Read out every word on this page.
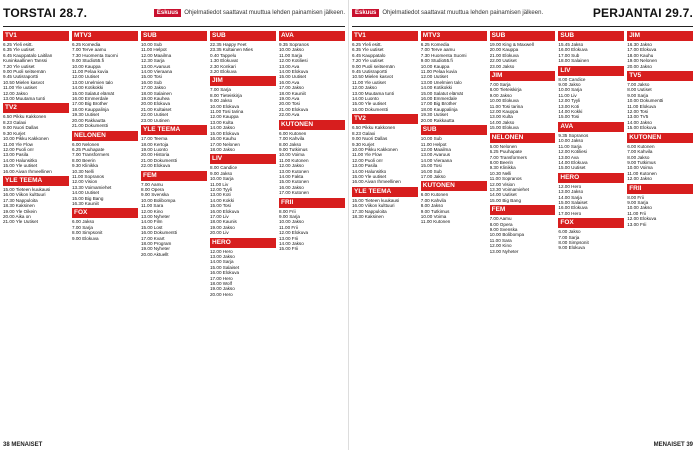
TORSTAI 28.7.	Eskuus	Ohjelmatiedot saattavat muuttua lehden painamisen jälkeen.
TV1
6.25 Yleli esitt.
6.35 Yle uutiset
6.45 Kauppatalo Laitilan
Kuninkaallinen Tanssi
7.20 Yle uutiset
9.00 Puoli seitsemän
9.45 Uutisraportti
10.50 Mielen kasvot
11.00 Yle uutiset
12.00 Jakso
13.00 Muutama tunti
TV2
6.50 Pikku Kakkonen
8.23 Galaxi
9.00 Nuori Dallas
9.30 Kurjet
10.00 Pikku Kakkonen
11.00 Yle Flow
12.00 Puoli on!
13.00 Pasila
14.00 Halunsitko
15.00 Yle uutiset
16.00 Aivan Ihmeellinen
YLE TEEMA
15.00 Tieteen kuukausi
16.00 Viikon kulttuuri
17.30 Nappuloita
18.30 Kaksinen
19.00 Yle Oikein
20.00 Aika on
21.00 Yle Uutiset
MTV3
6.25 Komedia
7.00 Terve aamu
7.30 Huomenta Suomi
9.00 Studio55.fi
10.00 Kauppa
11.00 Pelaa kuvia
12.00 Uutiset
13.00 Unelmien talo
14.00 Kotikokki
15.00 Salatut elämät
16.00 Emmerdale
17.00 Big Brother
18.00 Kauppalinja
19.30 Uutiset
20.00 Rakkautta
21.00 Dokumentti
NELONEN
6.00 Nelonen
6.25 Puuhapate
7.00 Transformers
8.00 Beerin
9.30 Klinikka
10.30 Nelli
11.00 Sopranos
12.00 Vision
13.30 Voimamiehet
14.00 Uutiset
15.00 Big Bang
16.30 Kauniit
FOX
6.00 Jakso
7.00 Sarja
8.00 Simpsonit
9.00 Elokuva
SUB
10.00 Sub
11.00 Helpot
12.00 Maailma
12.30 Sarja
13.00 Avaruus
14.00 Vieraana
15.00 Tosi
16.00 Sub
17.00 Jakso
18.00 Salainen
19.00 Kauhea
20.00 Elokuva
21.00 Kultaiset
22.00 Uutiset
23.00 Uutinen
YLE TEEMA
17.00 Teema
18.00 Kertoja
19.00 Luonto
20.00 Historia
21.00 Dokumentti
22.00 Elokuva
FEM
7.00 Aamu
8.00 Opera
9.00 Svenska
10.00 Bolibompa
11.00 Sara
12.00 Kino
13.00 Nyheter
14.00 Film
15.00 Lost
16.00 Dokumentti
17.00 Kvart
18.00 Program
19.00 Nyheter
20.00 Aktuellt
SUB
22.35 Happy Feet
23.35 Kultainen Mies
0.40 Tappelu
1.30 Elokuvat
2.30 Konkari
3.20 Elokuva
JIM
7.00 Sarja
8.00 Tieteiskirja
9.00 Jakso
10.00 Elokuva
11.00 Tosi tarina
12.00 Kauppa
13.00 Kulta
14.00 Jakso
15.00 Elokuva
16.00 Kauhu
17.00 Nelonen
18.00 Jakso
LIV
8.00 Candice
9.00 Jakso
10.00 Sarja
11.00 Liv
12.00 Tyyli
13.00 Koti
14.00 Kokki
15.00 Tosi
16.00 Elokuva
17.00 Liv
18.00 Kaunis
19.00 Jakso
20.00 Liv
HERO
12.00 Hero
13.00 Jakso
14.00 Sarja
15.00 Salaiset
16.00 Elokuva
17.00 Hero
18.00 Wolf
19.00 Jakso
20.00 Hero
AVA
9.35 Sopranos
10.00 Jakso
11.00 Sarja
12.00 Kotiliesi
13.00 Ava
14.00 Elokuva
15.00 Uutiset
16.00 Ava
17.00 Jakso
18.00 Kauniit
19.00 Ava
20.00 Tosi
21.00 Elokuva
22.00 Ava
KUTONEN
6.00 Kutonen
7.00 Kahvila
8.00 Jakso
9.00 Tutkimus
10.00 Voima
11.00 Kutonen
12.00 Jakso
13.00 Kutonen
14.00 Fakta
15.00 Kutonen
16.00 Jakso
17.00 Kutonen
FRII
8.00 Frii
9.00 Sarja
10.00 Jakso
11.00 Frii
12.00 Elokuva
13.00 Frii
14.00 Jakso
15.00 Frii
38 MENAISET
Eskuus	Ohjelmatiedot saattavat muuttua lehden painamisen jälkeen.	PERJANTAI 29.7.
TV1
6.25 Yleli esitt.
6.35 Yle uutiset
6.45 Kauppatalo
7.20 Yle uutiset
9.00 Puoli seitsemän
9.45 Uutisraportti
10.50 Mielen kasvot
11.00 Yle uutiset
12.00 Jakso
13.00 Muutama tunti
14.00 Luonto
15.00 Yle uutiset
16.00 Dokumentti
TV2
6.50 Pikku Kakkonen
8.23 Galaxi
9.00 Nuori Dallas
9.30 Kurjet
10.00 Pikku Kakkonen
11.00 Yle Flow
12.00 Puoli on!
13.00 Pasila
14.00 Halunsitko
15.00 Yle uutiset
16.00 Aivan Ihmeellinen
YLE TEEMA
15.00 Tieteen kuukausi
16.00 Viikon kulttuuri
17.30 Nappuloita
18.30 Kaksinen
MTV3
6.25 Komedia
7.00 Terve aamu
7.30 Huomenta Suomi
9.00 Studio55.fi
10.00 Kauppa
11.00 Pelaa kuvia
12.00 Uutiset
13.00 Unelmien talo
14.00 Kotikokki
15.00 Salatut elämät
16.00 Emmerdale
17.00 Big Brother
18.00 Kauppalinja
19.30 Uutiset
20.00 Rakkautta
SUB
10.00 Sub
11.00 Helpot
12.00 Maailma
13.00 Avaruus
14.00 Vieraana
15.00 Tosi
16.00 Sub
17.00 Jakso
KUTONEN
6.00 Kutonen
7.00 Kahvila
8.00 Jakso
9.00 Tutkimus
10.00 Voima
11.00 Kutonen
SUB
19.00 King & Maxwell
20.00 Kauppa
21.00 Elokuva
22.00 Uutiset
23.00 Jakso
JIM
7.00 Sarja
8.00 Tieteiskirja
9.00 Jakso
10.00 Elokuva
11.00 Tosi tarina
12.00 Kauppa
13.00 Kulta
14.00 Jakso
15.00 Elokuva
NELONEN
6.00 Nelonen
6.25 Puuhapate
7.00 Transformers
8.00 Beerin
9.30 Klinikka
10.30 Nelli
11.00 Sopranos
12.00 Vision
13.30 Voimamiehet
14.00 Uutiset
15.00 Big Bang
FEM
7.00 Aamu
8.00 Opera
9.00 Svenska
10.00 Bolibompa
11.00 Sara
12.00 Kino
13.00 Nyheter
SUB
15.45 Jakso
16.00 Elokuva
17.00 Sub
18.00 Salainen
LIV
8.00 Candice
9.00 Jakso
10.00 Sarja
11.00 Liv
12.00 Tyyli
13.00 Koti
14.00 Kokki
15.00 Tosi
AVA
9.35 Sopranos
10.00 Jakso
11.00 Sarja
12.00 Kotiliesi
13.00 Ava
14.00 Elokuva
15.00 Uutiset
HERO
12.00 Hero
13.00 Jakso
14.00 Sarja
15.00 Salaiset
16.00 Elokuva
17.00 Hero
FOX
6.00 Jakso
7.00 Sarja
8.00 Simpsonit
9.00 Elokuva
JIM
16.30 Jakso
17.00 Elokuva
18.00 Kauhu
19.00 Nelonen
20.00 Jakso
TV5
7.00 Jakso
8.00 Uutiset
9.00 Sarja
10.00 Dokumentti
11.00 Elokuva
12.00 Tosi
13.00 TV5
14.00 Jakso
15.00 Elokuva
KUTONEN
6.00 Kutonen
7.00 Kahvila
8.00 Jakso
9.00 Tutkimus
10.00 Voima
11.00 Kutonen
12.00 Jakso
FRII
8.00 Frii
9.00 Sarja
10.00 Jakso
11.00 Frii
12.00 Elokuva
13.00 Frii
MENAISET 39
